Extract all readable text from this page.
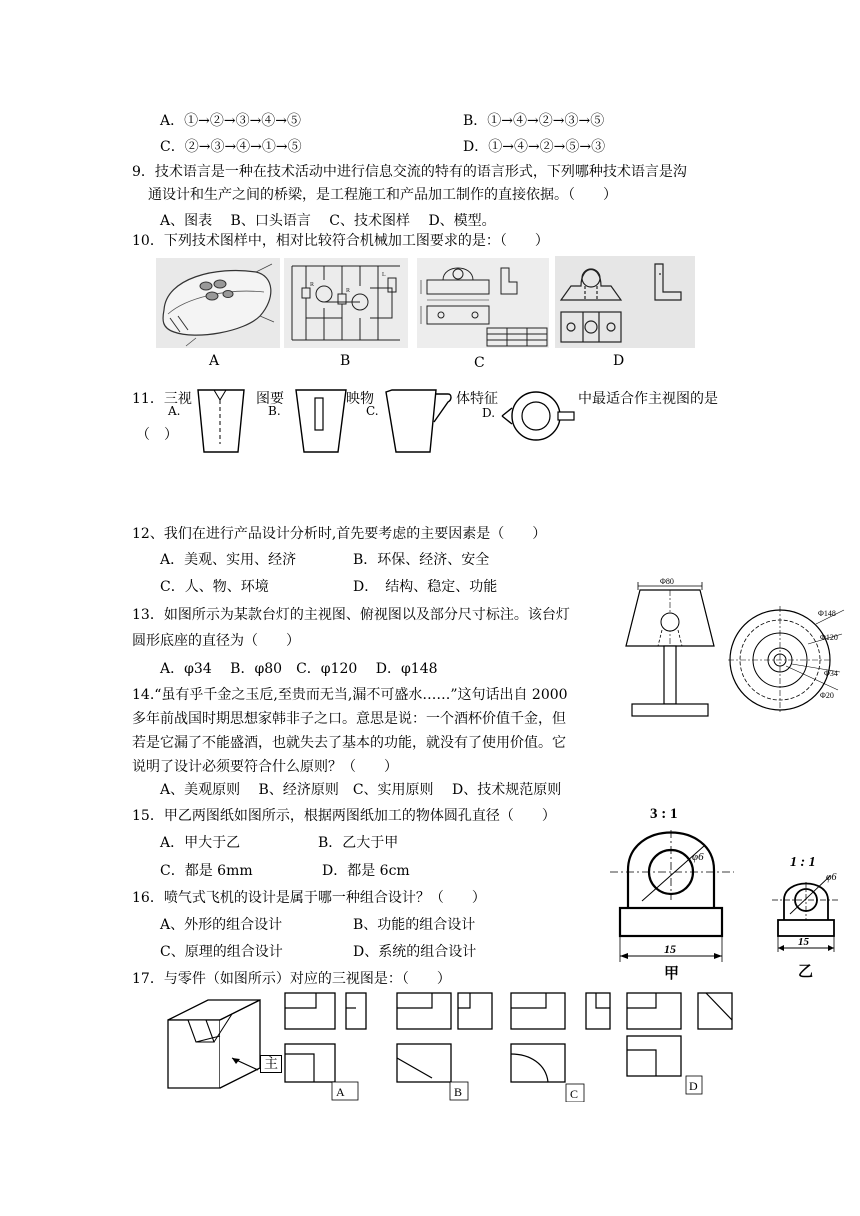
A．①→②→③→④→⑤	B．①→④→②→③→⑤
C．②→③→④→①→⑤	D．①→④→②→⑤→③
9．技术语言是一种在技术活动中进行信息交流的特有的语言形式，下列哪种技术语言是沟
通设计和生产之间的桥梁，是工程施工和产品加工制作的直接依据。（　　）
A、图表　 B、口头语言　 C、技术图样　 D、模型。
10．下列技术图样中，相对比较符合机械加工图要求的是：（　　）
A
R
R
L
B	C	D
11．三视	图要	映物	体特征	中最适合作主视图的是
（　）
A.	B.	C.	D.
12、我们在进行产品设计分析时,首先要考虑的主要因素是（　　）
A．美观、实用、经济	B．环保、经济、安全
C．人、物、环境	D．　结构、稳定、功能
13．如图所示为某款台灯的主视图、俯视图以及部分尺寸标注。该台灯
圆形底座的直径为（　　）
A．φ34　 B．φ80　C．φ120　 D．φ148
Φ80
Φ148
Φ120
Φ34
Φ20
14.“虽有乎千金之玉卮,至贵而无当,漏不可盛水……”这句话出自 2000
多年前战国时期思想家韩非子之口。意思是说：一个酒杯价值千金，但
若是它漏了不能盛酒，也就失去了基本的功能，就没有了使用价值。它
说明了设计必须要符合什么原则？（　　）
A、美观原则　 B、经济原则　C、实用原则　 D、技术规范原则
15．甲乙两图纸如图所示，根据两图纸加工的物体圆孔直径（　　）
A．甲大于乙	B．乙大于甲
C．都是 6mm	D．都是 6cm
3 : 1
φ6
15
甲
1 : 1
φ6
15
乙
16．喷气式飞机的设计是属于哪一种组合设计？（　　）
A、外形的组合设计	B、功能的组合设计
C、原理的组合设计	D、系统的组合设计
17．与零件（如图所示）对应的三视图是：（　　）
主
A	B	C
D
